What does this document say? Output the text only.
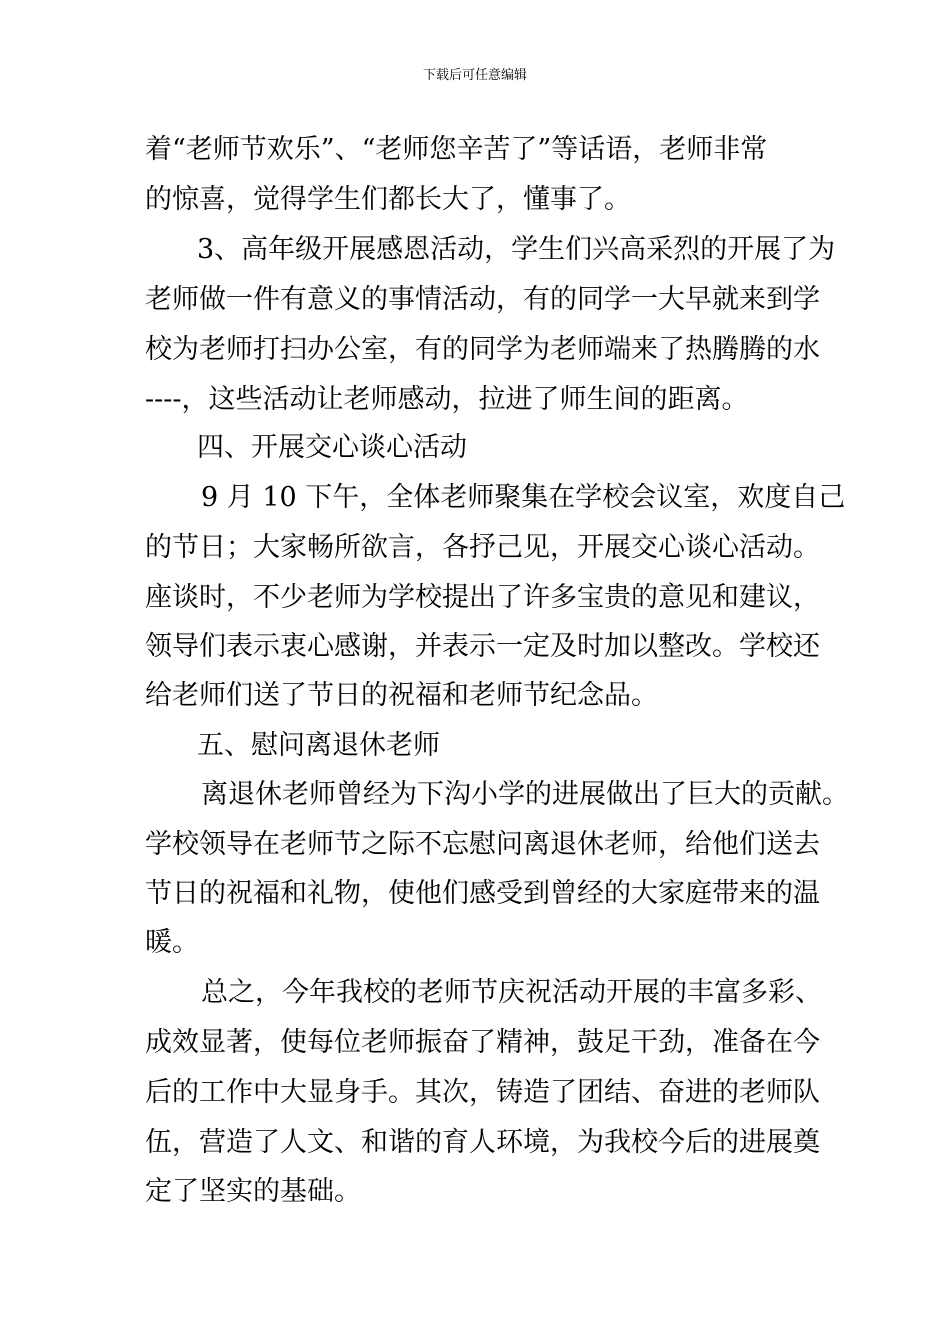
下载后可任意编辑
着“老师节欢乐”、“老师您辛苦了”等话语，老师非常
的惊喜，觉得学生们都长大了，懂事了。
3、高年级开展感恩活动，学生们兴高采烈的开展了为
老师做一件有意义的事情活动，有的同学一大早就来到学
校为老师打扫办公室，有的同学为老师端来了热腾腾的水
----，这些活动让老师感动，拉进了师生间的距离。
四、开展交心谈心活动
9 月 10 下午，全体老师聚集在学校会议室，欢度自己
的节日；大家畅所欲言，各抒己见，开展交心谈心活动。
座谈时，不少老师为学校提出了许多宝贵的意见和建议，
领导们表示衷心感谢，并表示一定及时加以整改。学校还
给老师们送了节日的祝福和老师节纪念品。
五、慰问离退休老师
离退休老师曾经为下沟小学的进展做出了巨大的贡献。
学校领导在老师节之际不忘慰问离退休老师，给他们送去
节日的祝福和礼物，使他们感受到曾经的大家庭带来的温
暖。
总之，今年我校的老师节庆祝活动开展的丰富多彩、
成效显著，使每位老师振奋了精神，鼓足干劲，准备在今
后的工作中大显身手。其次，铸造了团结、奋进的老师队
伍，营造了人文、和谐的育人环境，为我校今后的进展奠
定了坚实的基础。
